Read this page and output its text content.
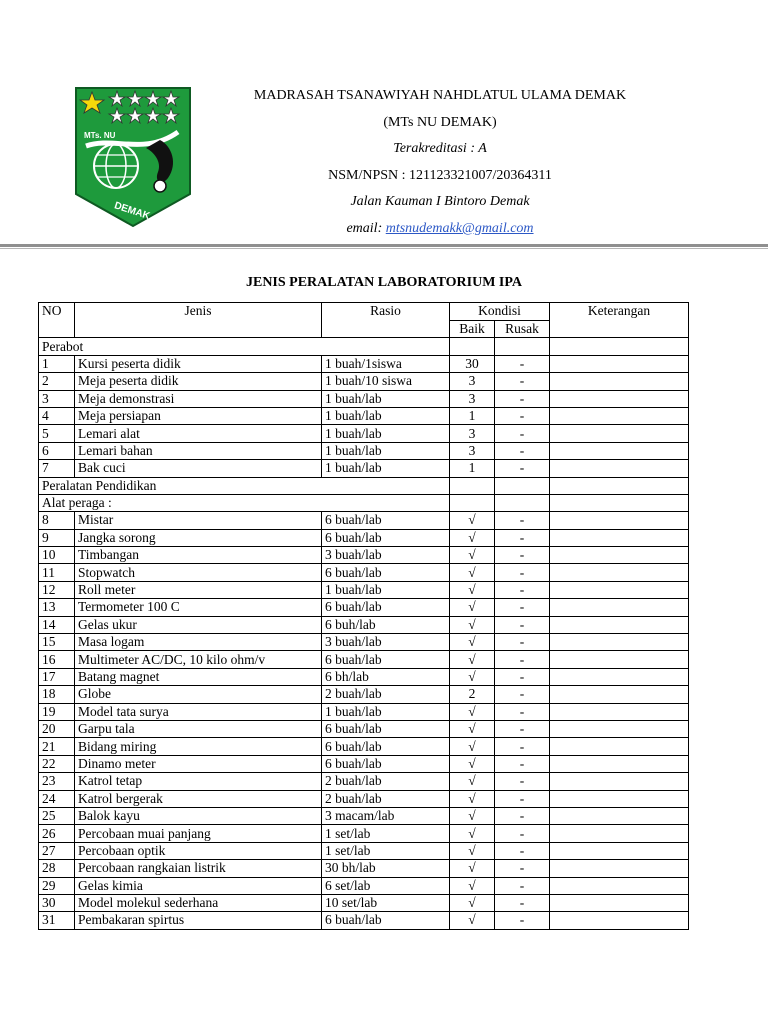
MTs. NU
DEMAK
MADRASAH TSANAWIYAH NAHDLATUL ULAMA DEMAK
(MTs NU DEMAK)
Terakreditasi : A
NSM/NPSN : 121123321007/20364311
Jalan Kauman I Bintoro Demak
email: mtsnudemakk@gmail.com
JENIS PERALATAN LABORATORIUM IPA
NO	Jenis	Rasio	Kondisi		Keterangan
			Baik	Rusak	
Perabot					
1	Kursi peserta didik	1 buah/1siswa	30	-	
2	Meja peserta didik	1 buah/10 siswa	3	-	
3	Meja demonstrasi	1 buah/lab	3	-	
4	Meja persiapan	1 buah/lab	1	-	
5	Lemari alat	1 buah/lab	3	-	
6	Lemari bahan	1 buah/lab	3	-	
7	Bak cuci	1 buah/lab	1	-	
Peralatan Pendidikan					
Alat peraga :					
8	Mistar	6 buah/lab	√	-	
9	Jangka sorong	6 buah/lab	√	-	
10	Timbangan	3 buah/lab	√	-	
11	Stopwatch	6 buah/lab	√	-	
12	Roll meter	1 buah/lab	√	-	
13	Termometer 100 C	6 buah/lab	√	-	
14	Gelas ukur	6 buh/lab	√	-	
15	Masa logam	3 buah/lab	√	-	
16	Multimeter AC/DC, 10 kilo ohm/v	6 buah/lab	√	-	
17	Batang magnet	6 bh/lab	√	-	
18	Globe	2 buah/lab	2	-	
19	Model tata surya	1 buah/lab	√	-	
20	Garpu tala	6 buah/lab	√	-	
21	Bidang miring	6 buah/lab	√	-	
22	Dinamo meter	6 buah/lab	√	-	
23	Katrol tetap	2 buah/lab	√	-	
24	Katrol bergerak	2 buah/lab	√	-	
25	Balok kayu	3 macam/lab	√	-	
26	Percobaan muai panjang	1 set/lab	√	-	
27	Percobaan optik	1 set/lab	√	-	
28	Percobaan rangkaian listrik	30 bh/lab	√	-	
29	Gelas kimia	6 set/lab	√	-	
30	Model molekul sederhana	10 set/lab	√	-	
31	Pembakaran spirtus	6 buah/lab	√	-	
